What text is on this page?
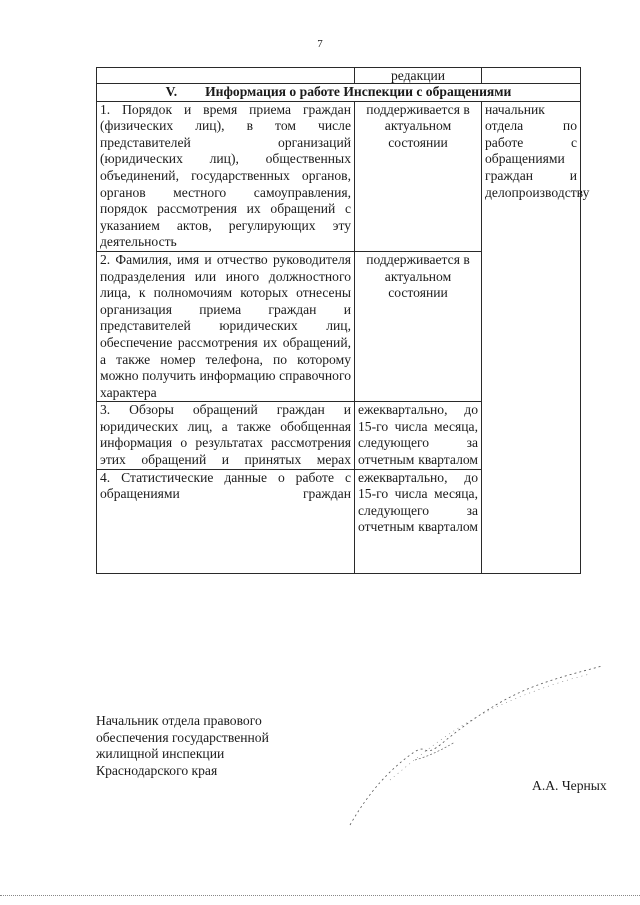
7
	редакции	
V. Информация о работе Инспекции с обращениями		
1. Порядок и время приема граждан (физических лиц), в том числе представителей организаций (юридических лиц), общественных объединений, государственных органов, органов местного самоуправления, порядок рассмотрения их обращений с указанием актов, регулирующих эту деятельность	поддерживается в актуальном состоянии	начальник отдела по работе с обращениями граждан и делопроизводству
2. Фамилия, имя и отчество руководителя подразделения или иного должностного лица, к полномочиям которых отнесены организация приема граждан и представителей юридических лиц, обеспечение рассмотрения их обращений, а также номер телефона, по которому можно получить информацию справочного характера	поддерживается в актуальном состоянии	
3. Обзоры обращений граждан и юридических лиц, а также обобщенная информация о результатах рассмотрения этих обращений и принятых мерах	ежеквартально, до 15-го числа месяца, следующего за отчетным кварталом	
4. Статистические данные о работе с обращениями граждан	ежеквартально, до 15-го числа месяца, следующего за отчетным кварталом	
Начальник отдела правового
обеспечения государственной
жилищной инспекции
Краснодарского края
А.А. Черных
